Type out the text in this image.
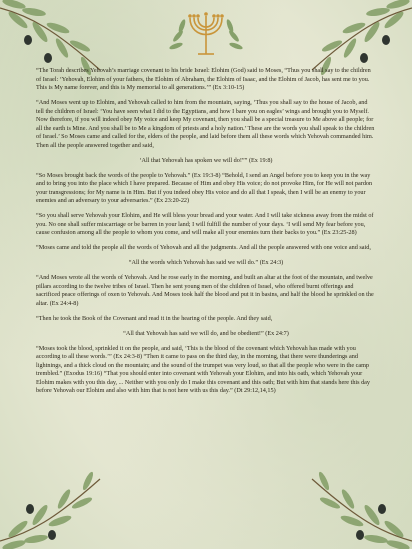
“The Torah describes Yehovah’s marriage covenant to his bride Israel: Elohim (God) said to Moses, “Thus you shall say to the children of Israel: ‘Yehovah, Elohim of your fathers, the Elohim of Abraham, the Elohim of Isaac, and the Elohim of Jacob, has sent me to you. This is My name forever, and this is My memorial to all generations.’” (Ex 3:10-15)

“And Moses went up to Elohim, and Yehovah called to him from the mountain, saying, ‘Thus you shall say to the house of Jacob, and tell the children of Israel: ‘You have seen what I did to the Egyptians, and how I bare you on eagles’ wings and brought you to Myself. Now therefore, if you will indeed obey My voice and keep My covenant, then you shall be a special treasure to Me above all people; for all the earth is Mine. And you shall be to Me a kingdom of priests and a holy nation.’ These are the words you shall speak to the children of Israel.’ So Moses came and called for the, elders of the people, and laid before them all these words which Yehovah commanded him. Then all the people answered together and said,

‘All that Yehovah has spoken we will do!”” (Ex 19:8)

“So Moses brought back the words of the people to Yehovah.” (Ex 19:3-8) “Behold, I send an Angel before you to keep you in the way and to bring you into the place which I have prepared. Because of Him and obey His voice; do not provoke Him, for He will not pardon your transgressions; for My name is in Him. But if you indeed obey His voice and do all that I speak, then I will be an enemy to your enemies and an adversary to your adversaries.” (Ex 23:20-22)

“So you shall serve Yehovah your Elohim, and He will bless your bread and your water. And I will take sickness away from the midst of you. No one shall suffer miscarriage or be barren in your land; I will fulfill the number of your days. ‘I will send My fear before you, cause confusion among all the people to whom you come, and will make all your enemies turn their backs to you.” (Ex 23:25-28)

“Moses came and told the people all the words of Yehovah and all the judgments. And all the people answered with one voice and said,

“All the words which Yehovah has said we will do.” (Ex 24:3)

“And Moses wrote all the words of Yehovah. And he rose early in the morning, and built an altar at the foot of the mountain, and twelve pillars according to the twelve tribes of Israel. Then he sent young men of the children of Israel, who offered burnt offerings and sacrificed peace offerings of oxen to Yehovah. And Moses took half the blood and put it in basins, and half the blood he sprinkled on the altar. (Ex 24:4-8)

“Then he took the Book of the Covenant and read it in the hearing of the people. And they said,

“All that Yehovah has said we will do, and be obedient!” (Ex 24:7)

“Moses took the blood, sprinkled it on the people, and said, ‘This is the blood of the covenant which Yehovah has made with you according to all these words.’” (Ex 24:3-8) “Then it came to pass on the third day, in the morning, that there were thunderings and lightnings, and a thick cloud on the mountain; and the sound of the trumpet was very loud, so that all the people who were in the camp trembled.” (Exodus 19:16) “That you should enter into covenant with Yehovah your Elohim, and into his oath, which Yehovah your Elohim makes with you this day, ... Neither with you only do I make this covenant and this oath; But with him that stands here this day before Yehovah our Elohim and also with him that is not here with us this day.” (Dt 29:12,14,15)
